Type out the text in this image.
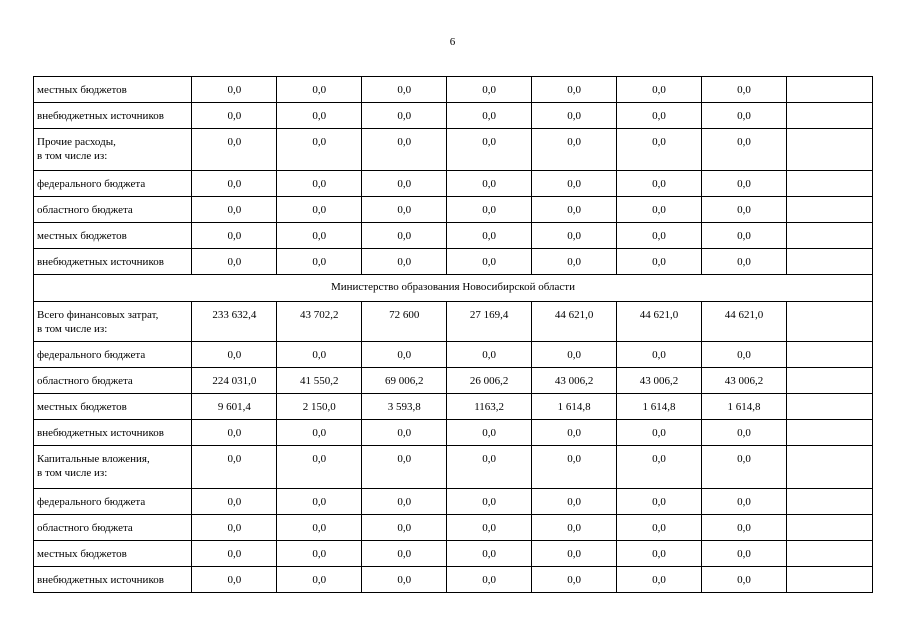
6
местных бюджетов	0,0	0,0	0,0	0,0	0,0	0,0	0,0	
внебюджетных источников	0,0	0,0	0,0	0,0	0,0	0,0	0,0	
Прочие расходы,
в том числе из:	0,0	0,0	0,0	0,0	0,0	0,0	0,0	
федерального бюджета	0,0	0,0	0,0	0,0	0,0	0,0	0,0	
областного бюджета	0,0	0,0	0,0	0,0	0,0	0,0	0,0	
местных бюджетов	0,0	0,0	0,0	0,0	0,0	0,0	0,0	
внебюджетных источников	0,0	0,0	0,0	0,0	0,0	0,0	0,0	
Министерство образования Новосибирской области								
Всего финансовых затрат,
в том числе из:	233 632,4	43 702,2	72 600	27 169,4	44 621,0	44 621,0	44 621,0	
федерального бюджета	0,0	0,0	0,0	0,0	0,0	0,0	0,0	
областного бюджета	224 031,0	41 550,2	69 006,2	26 006,2	43 006,2	43 006,2	43 006,2	
местных бюджетов	9 601,4	2 150,0	3 593,8	1163,2	1 614,8	1 614,8	1 614,8	
внебюджетных источников	0,0	0,0	0,0	0,0	0,0	0,0	0,0	
Капитальные вложения,
в том числе из:	0,0	0,0	0,0	0,0	0,0	0,0	0,0	
федерального бюджета	0,0	0,0	0,0	0,0	0,0	0,0	0,0	
областного бюджета	0,0	0,0	0,0	0,0	0,0	0,0	0,0	
местных бюджетов	0,0	0,0	0,0	0,0	0,0	0,0	0,0	
внебюджетных источников	0,0	0,0	0,0	0,0	0,0	0,0	0,0	
